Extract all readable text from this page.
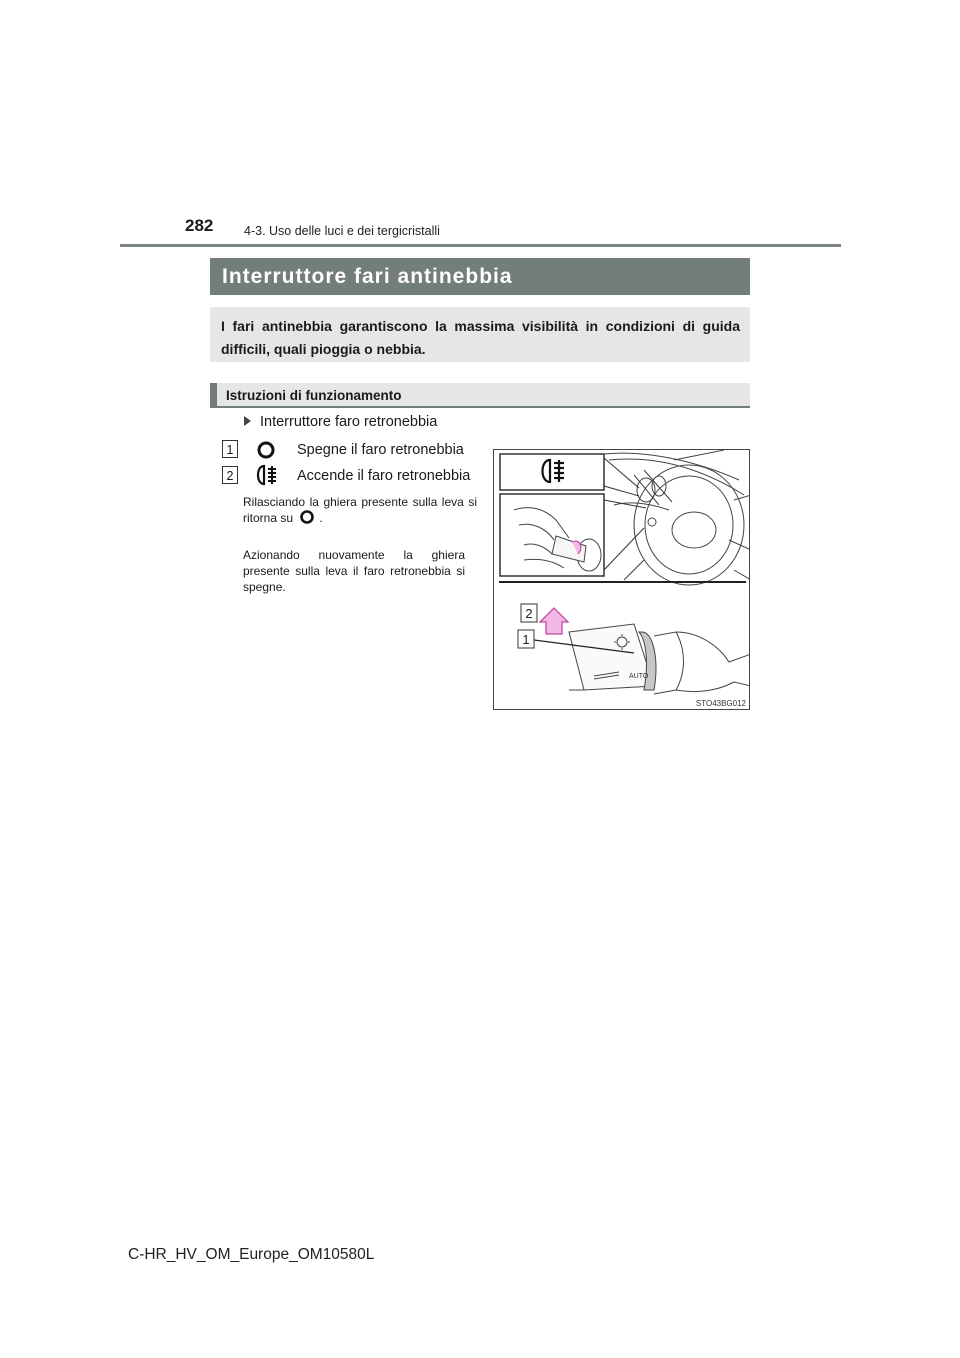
282 4-3. Uso delle luci e dei tergicristalli
Interruttore fari antinebbia
I fari antinebbia garantiscono la massima visibilità in condizioni di guida difficili, quali pioggia o nebbia.
Istruzioni di funzionamento
Interruttore faro retronebbia
1	Spegne il faro retronebbia
2	Accende il faro retronebbia
Rilasciando la ghiera presente sulla leva si ritorna su .
Azionando nuovamente la ghiera presente sulla leva il faro retronebbia si spegne.
AUTO
2
1
STO43BG012
C-HR_HV_OM_Europe_OM10580L
